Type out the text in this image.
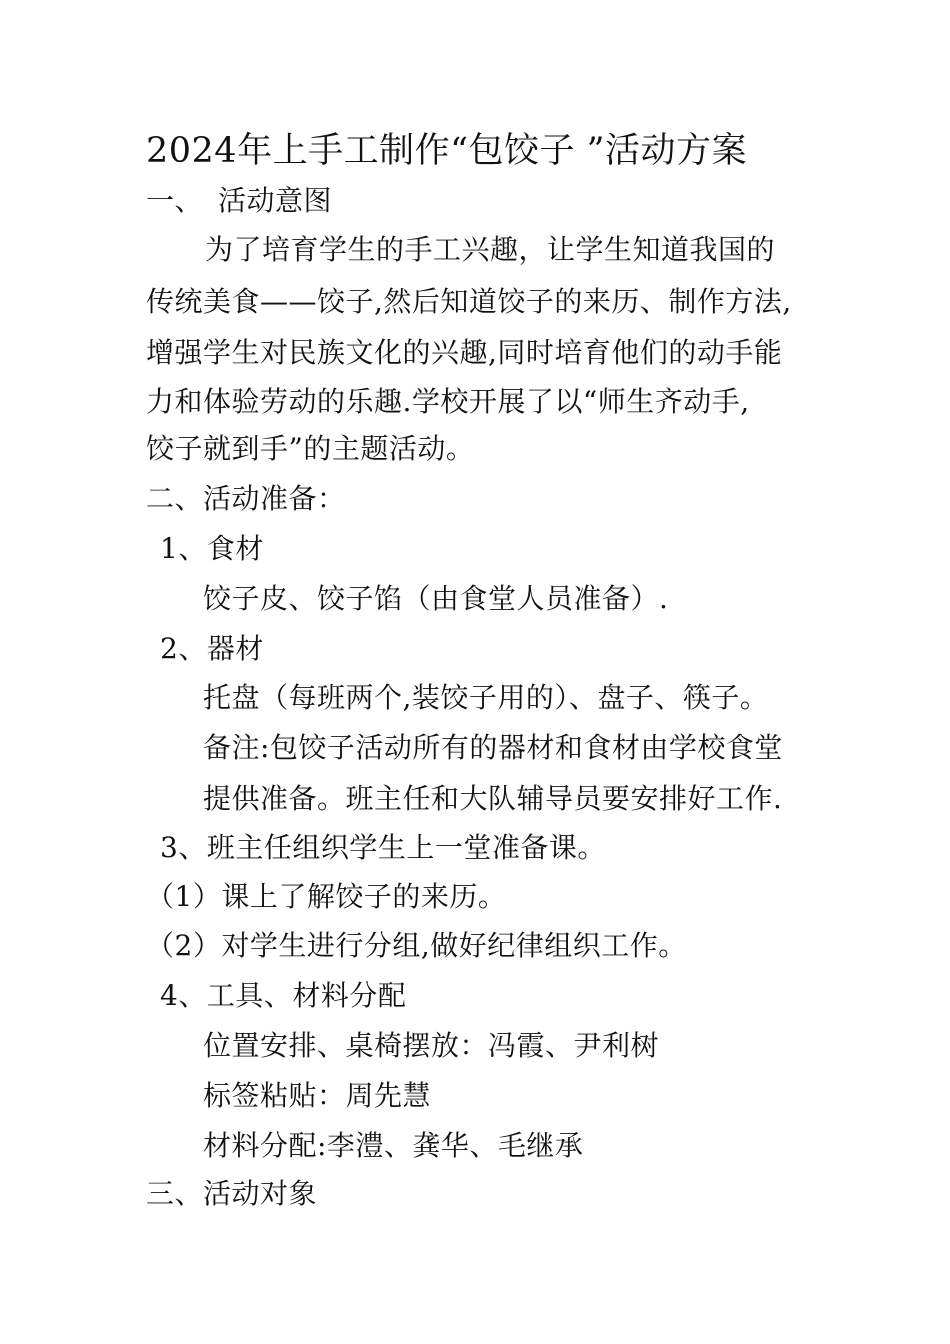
2024年上手工制作“包饺子 ”活动方案
一、 活动意图
为了培育学生的手工兴趣，让学生知道我国的
传统美食——饺子,然后知道饺子的来历、制作方法,
增强学生对民族文化的兴趣,同时培育他们的动手能
力和体验劳动的乐趣.学校开展了以“师生齐动手,
饺子就到手”的主题活动。
二、活动准备：
1、食材
饺子皮、饺子馅（由食堂人员准备）.
2、器材
托盘（每班两个,装饺子用的）、盘子、筷子。
备注:包饺子活动所有的器材和食材由学校食堂
提供准备。班主任和大队辅导员要安排好工作.
3、班主任组织学生上一堂准备课。
（1）课上了解饺子的来历。
（2）对学生进行分组,做好纪律组织工作。
4、工具、材料分配
位置安排、桌椅摆放：冯霞、尹利树
标签粘贴：周先慧
材料分配:李澧、龚华、毛继承
三、活动对象
